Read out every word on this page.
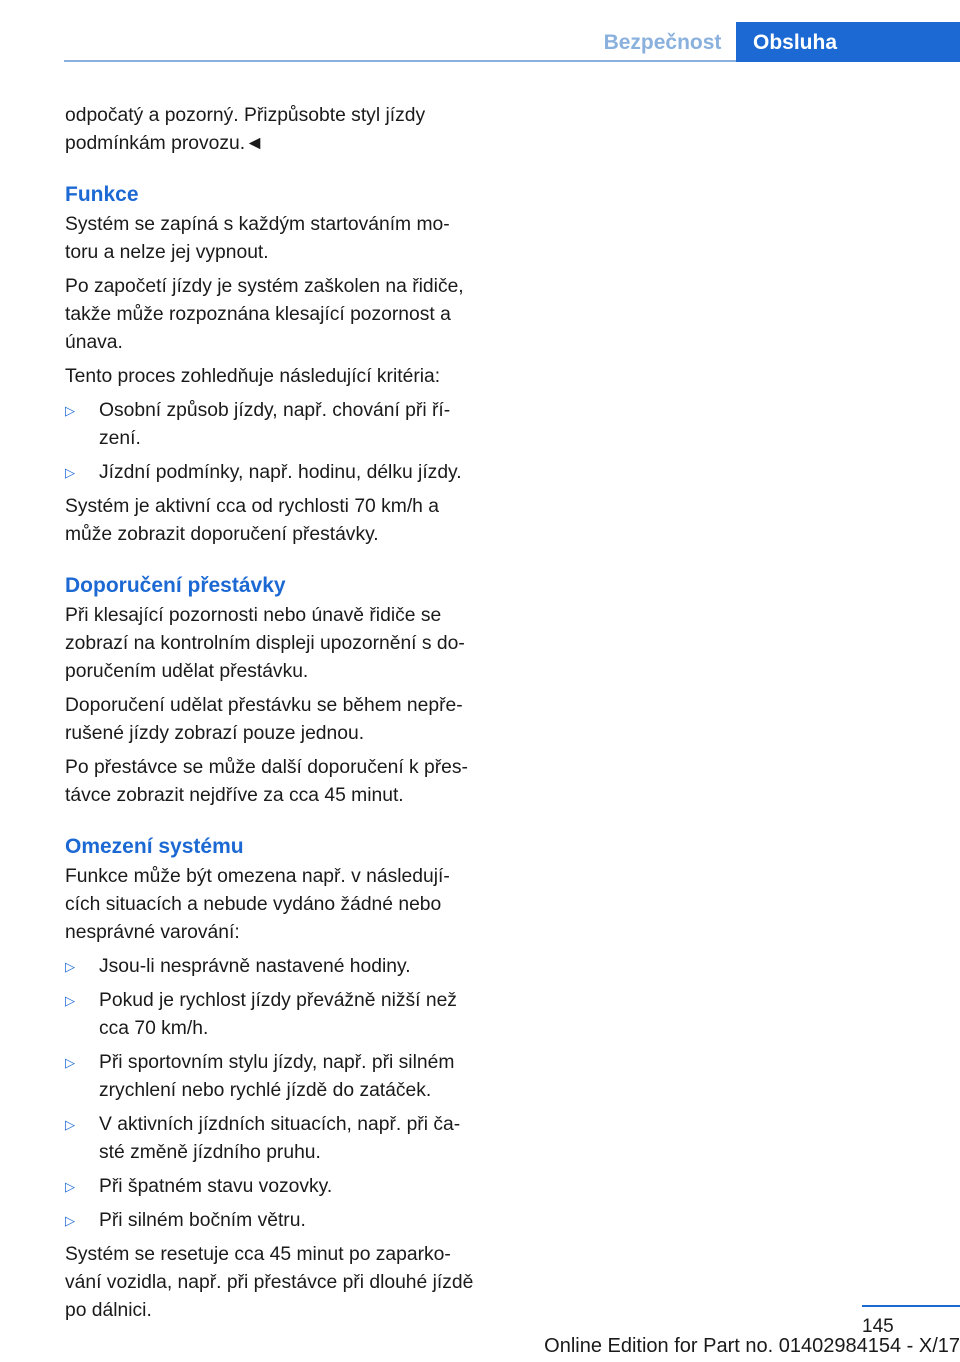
Bezpečnost	Obsluha

odpočatý a pozorný. Přizpůsobte styl jízdy podmínkám provozu.◄

Funkce

Systém se zapíná s každým startováním mo- toru a nelze jej vypnout.

Po započetí jízdy je systém zaškolen na řidiče, takže může rozpoznána klesající pozornost a únava.

Tento proces zohledňuje následující kritéria:

▷ Osobní způsob jízdy, např. chování při ří- zení.
▷ Jízdní podmínky, např. hodinu, délku jízdy.

Systém je aktivní cca od rychlosti 70 km/h a může zobrazit doporučení přestávky.

Doporučení přestávky

Při klesající pozornosti nebo únavě řidiče se zobrazí na kontrolním displeji upozornění s do- poručením udělat přestávku.

Doporučení udělat přestávku se během nepře- rušené jízdy zobrazí pouze jednou.

Po přestávce se může další doporučení k přes- távce zobrazit nejdříve za cca 45 minut.

Omezení systému

Funkce může být omezena např. v následují- cích situacích a nebude vydáno žádné nebo nesprávné varování:

▷ Jsou-li nesprávně nastavené hodiny.
▷ Pokud je rychlost jízdy převážně nižší než cca 70 km/h.
▷ Při sportovním stylu jízdy, např. při silném zrychlení nebo rychlé jízdě do zatáček.
▷ V aktivních jízdních situacích, např. při ča- sté změně jízdního pruhu.
▷ Při špatném stavu vozovky.
▷ Při silném bočním větru.

Systém se resetuje cca 45 minut po zaparko- vání vozidla, např. při přestávce při dlouhé jízdě po dálnici.

145
Online Edition for Part no. 01402984154 - X/17
